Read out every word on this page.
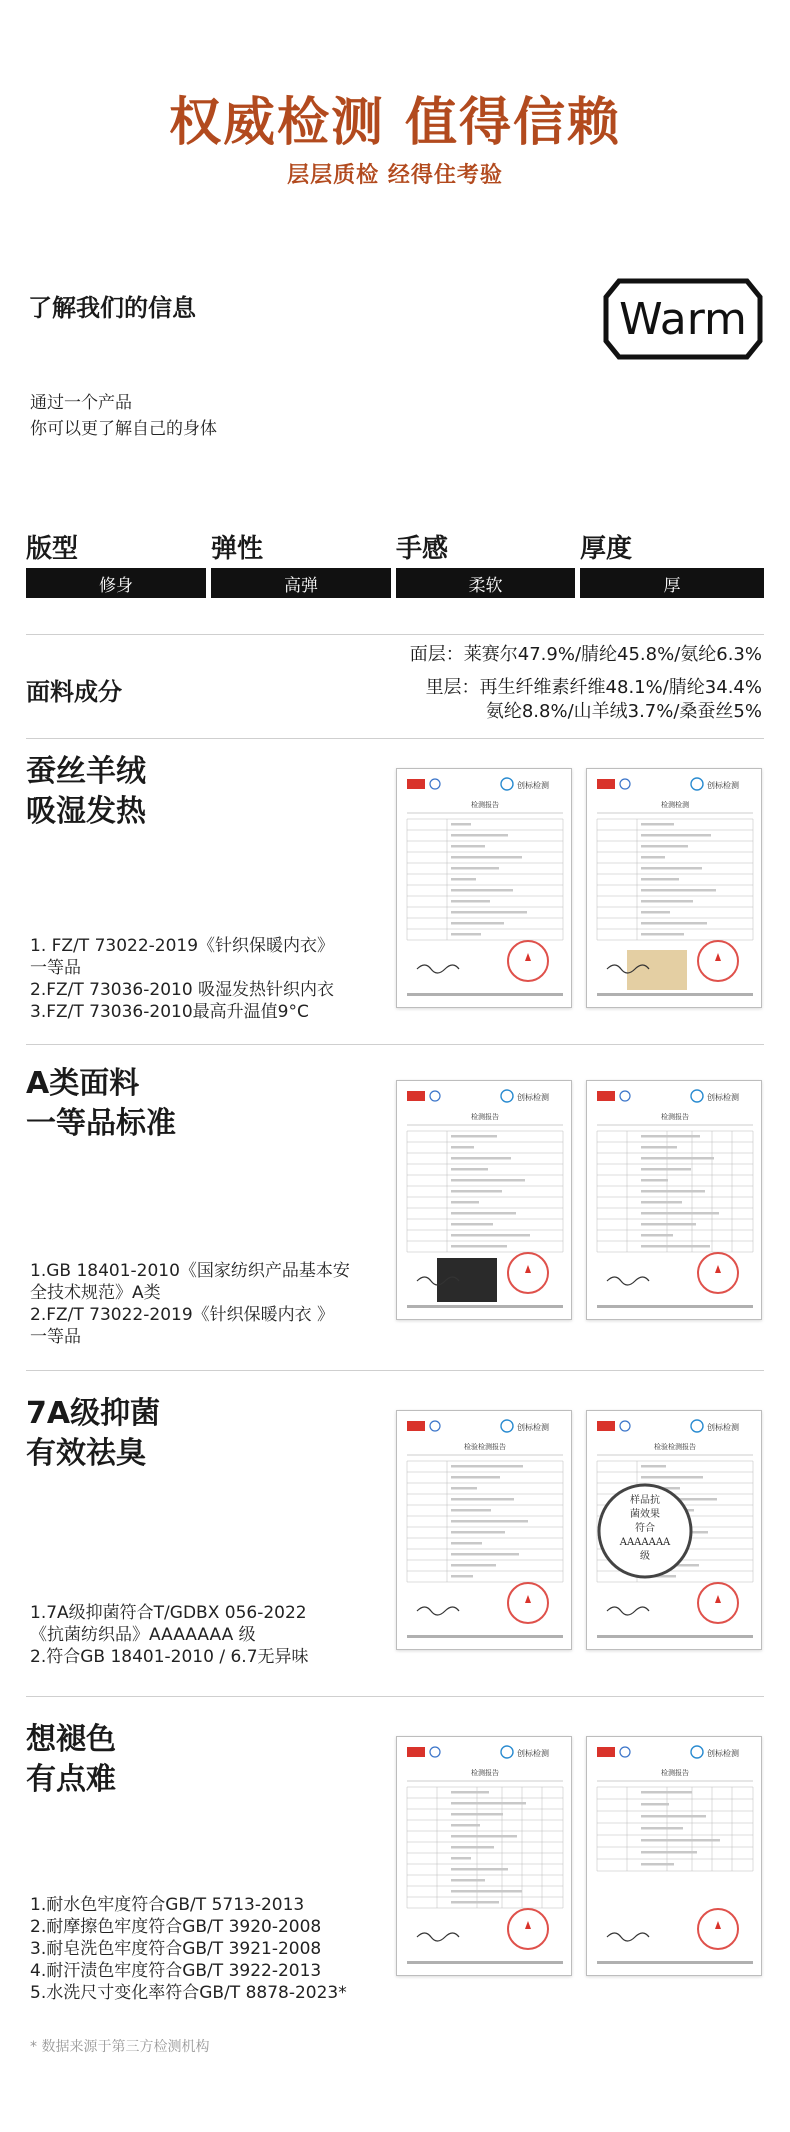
权威检测 值得信赖
层层质检 经得住考验
了解我们的信息
通过一个产品
你可以更了解自己的身体
Warm
版型	弹性	手感	厚度
修身	高弹	柔软	厚
面料成分
面层：莱赛尔47.9%/腈纶45.8%/氨纶6.3%
里层：再生纤维素纤维48.1%/腈纶34.4%
氨纶8.8%/山羊绒3.7%/桑蚕丝5%
蚕丝羊绒
吸湿发热
1. FZ/T 73022-2019《针织保暖内衣》
一等品
2.FZ/T 73036-2010 吸湿发热针织内衣
3.FZ/T 73036-2010最高升温值9°C
创标检测
检测报告
创标检测
检测检测
A类面料
一等品标准
1.GB 18401-2010《国家纺织产品基本安
全技术规范》A类
2.FZ/T 73022-2019《针织保暖内衣 》
一等品
创标检测
检测报告
创标检测
检测报告
7A级抑菌
有效祛臭
1.7A级抑菌符合T/GDBX 056-2022
《抗菌纺织品》AAAAAAA 级
2.符合GB 18401-2010 / 6.7无异味
创标检测
检验检测报告
创标检测
检验检测报告
样品抗
菌效果
符合
AAAAAAA
级
想褪色
有点难
1.耐水色牢度符合GB/T 5713-2013
2.耐摩擦色牢度符合GB/T 3920-2008
3.耐皂洗色牢度符合GB/T 3921-2008
4.耐汗渍色牢度符合GB/T 3922-2013
5.水洗尺寸变化率符合GB/T 8878-2023*
创标检测
检测报告
创标检测
检测报告
* 数据来源于第三方检测机构
